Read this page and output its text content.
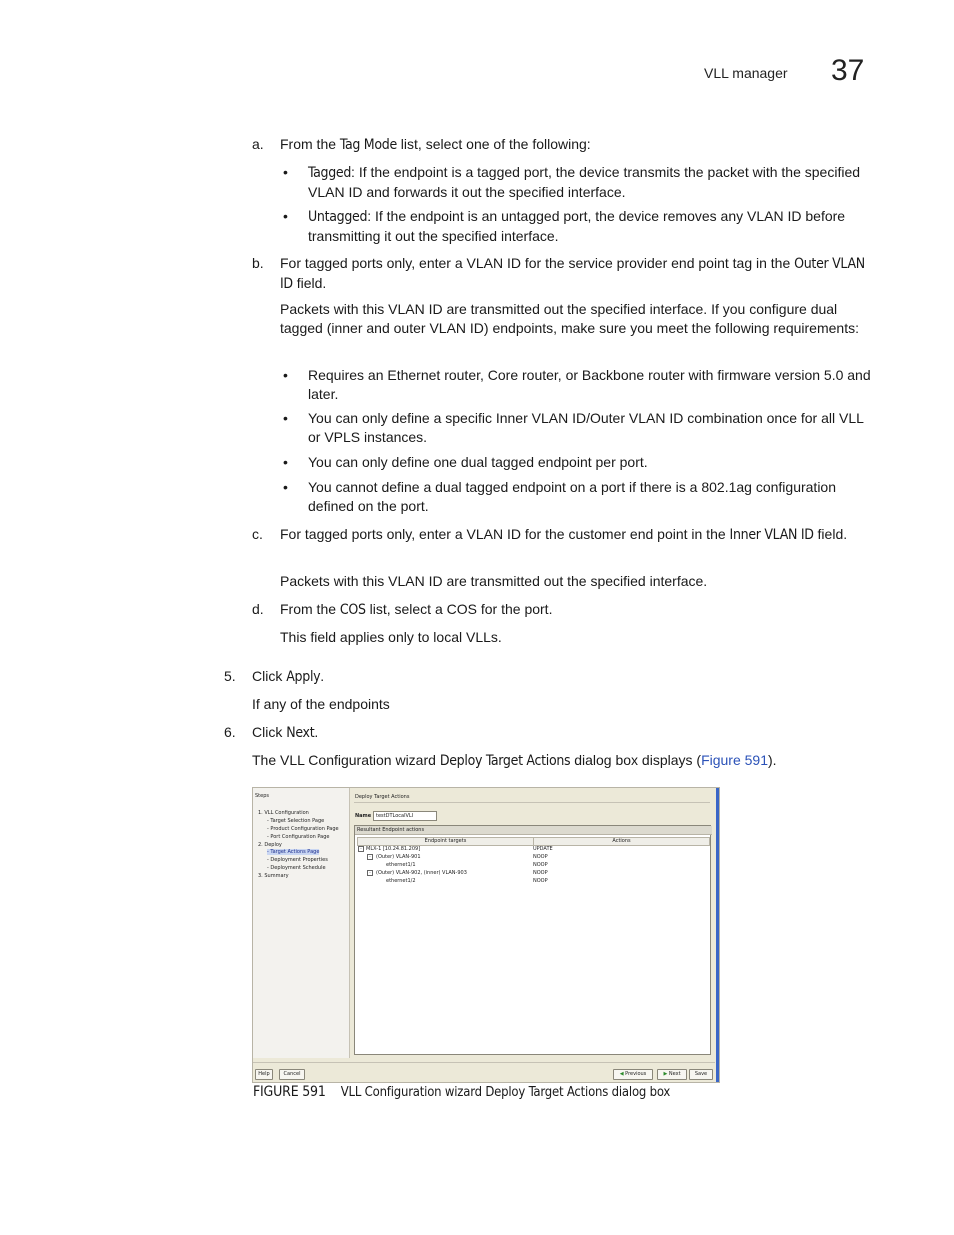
VLL manager 37
a. From the Tag Mode list, select one of the following:
• Tagged: If the endpoint is a tagged port, the device transmits the packet with the specified VLAN ID and forwards it out the specified interface.
• Untagged: If the endpoint is an untagged port, the device removes any VLAN ID before transmitting it out the specified interface.
b. For tagged ports only, enter a VLAN ID for the service provider end point tag in the Outer VLAN ID field.
Packets with this VLAN ID are transmitted out the specified interface. If you configure dual tagged (inner and outer VLAN ID) endpoints, make sure you meet the following requirements:
• Requires an Ethernet router, Core router, or Backbone router with firmware version 5.0 and later.
• You can only define a specific Inner VLAN ID/Outer VLAN ID combination once for all VLL or VPLS instances.
• You can only define one dual tagged endpoint per port.
• You cannot define a dual tagged endpoint on a port if there is a 802.1ag configuration defined on the port.
c. For tagged ports only, enter a VLAN ID for the customer end point in the Inner VLAN ID field.
Packets with this VLAN ID are transmitted out the specified interface.
d. From the COS list, select a COS for the port.
This field applies only to local VLLs.
5. Click Apply.
If any of the endpoints
6. Click Next.
The VLL Configuration wizard Deploy Target Actions dialog box displays (Figure 591).
Steps
1. VLL Configuration
- Target Selection Page
- Product Configuration Page
- Port Configuration Page
2. Deploy
- Target Actions Page
- Deployment Properties
- Deployment Schedule
3. Summary
Deploy Target Actions
Name testDTLocalVLI
Resultant Endpoint actions
Endpoint targets	Actions
- MLX-1 [10.24.81.209]	UPDATE
-	(Outer) VLAN-901	NOOP
ethernet1/1	NOOP
-	(Outer) VLAN-902, (inner) VLAN-903	NOOP
ethernet1/2	NOOP
Help	Cancel	◀ Previous	▶ Next	Save
FIGURE 591 VLL Configuration wizard Deploy Target Actions dialog box
